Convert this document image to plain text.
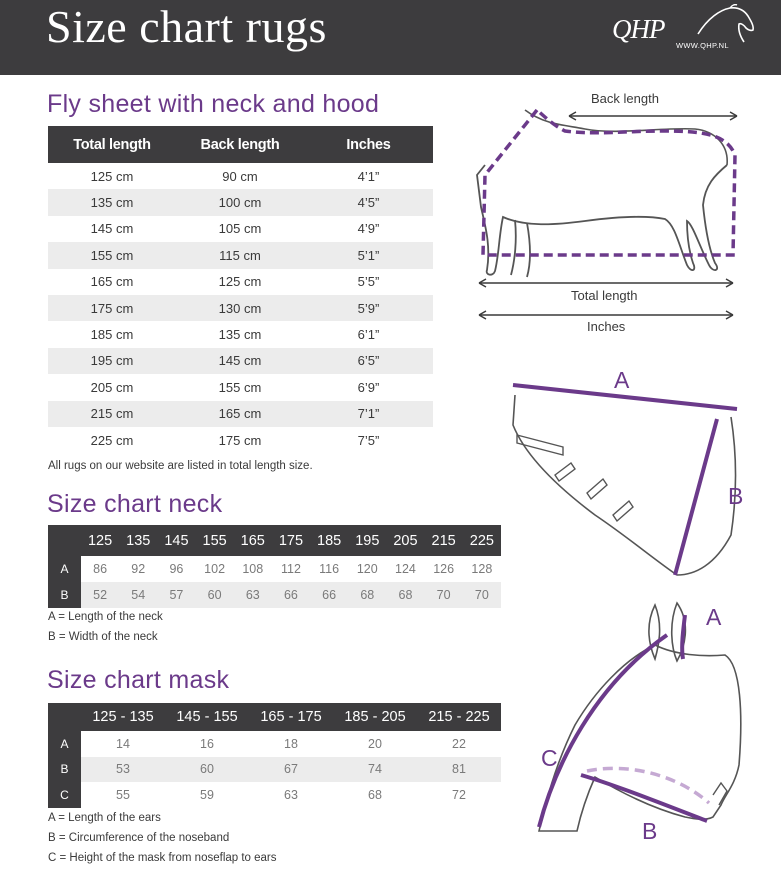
Size chart rugs	QHP
WWW.QHP.NL
Fly sheet with neck and hood
Total length	Back length	Inches
125 cm	90 cm	4’1”
135 cm	100 cm	4’5”
145 cm	105 cm	4’9”
155 cm	115 cm	5’1”
165 cm	125 cm	5’5”
175 cm	130 cm	5’9”
185 cm	135 cm	6’1”
195 cm	145 cm	6’5”
205 cm	155 cm	6’9”
215 cm	165 cm	7’1”
225 cm	175 cm	7’5”
All rugs on our website are listed in total length size.
Size chart neck
	125	135	145	155	165	175	185	195	205	215	225
A	86	92	96	102	108	112	116	120	124	126	128
B	52	54	57	60	63	66	66	68	68	70	70
A = Length of the neck
B = Width of the neck
Size chart mask
	125 - 135	145 - 155	165 - 175	185 - 205	215 - 225
A	14	16	18	20	22
B	53	60	67	74	81
C	55	59	63	68	72
A = Length of the ears
B = Circumference of the noseband
C = Height of the mask from noseflap to ears
Back length
Total length
Inches
A
B
A
B
C
